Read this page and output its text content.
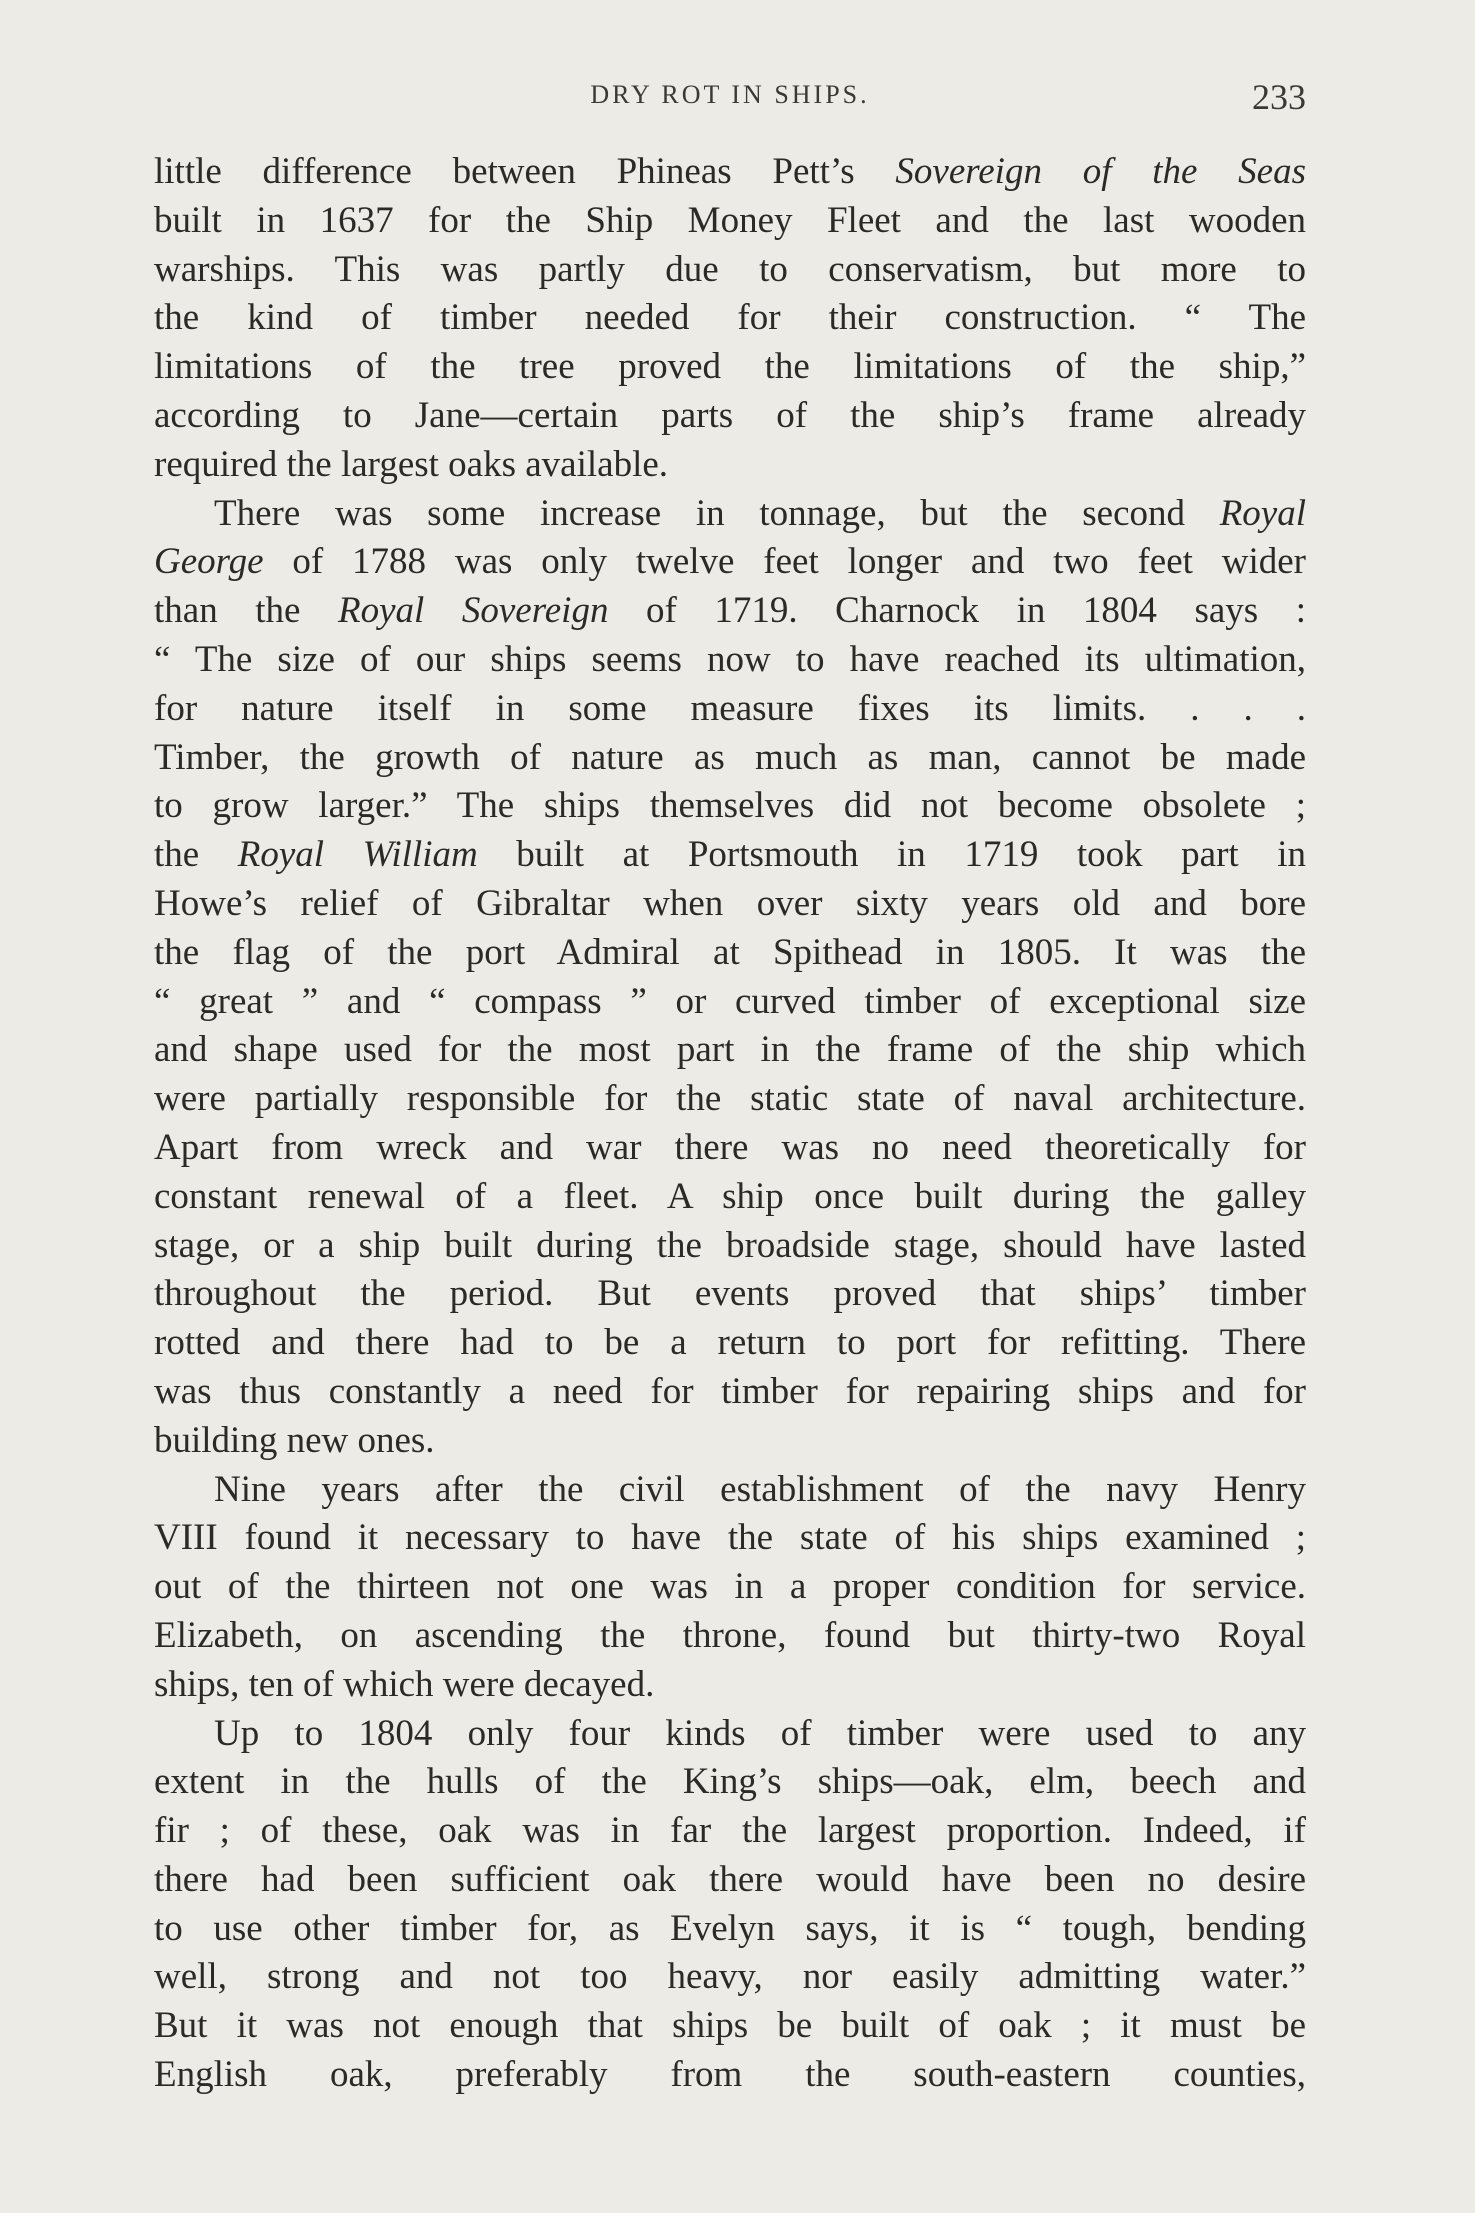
DRY ROT IN SHIPS.	233
little difference between Phineas Pett’s Sovereign of the Seas
built in 1637 for the Ship Money Fleet and the last wooden
warships. This was partly due to conservatism, but more to
the kind of timber needed for their construction. “ The
limitations of the tree proved the limitations of the ship,”
according to Jane—certain parts of the ship’s frame already
required the largest oaks available.
There was some increase in tonnage, but the second Royal
George of 1788 was only twelve feet longer and two feet wider
than the Royal Sovereign of 1719. Charnock in 1804 says :
“ The size of our ships seems now to have reached its ultimation,
for nature itself in some measure fixes its limits. . . .
Timber, the growth of nature as much as man, cannot be made
to grow larger.” The ships themselves did not become obsolete ;
the Royal William built at Portsmouth in 1719 took part in
Howe’s relief of Gibraltar when over sixty years old and bore
the flag of the port Admiral at Spithead in 1805. It was the
“ great ” and “ compass ” or curved timber of exceptional size
and shape used for the most part in the frame of the ship which
were partially responsible for the static state of naval architecture.
Apart from wreck and war there was no need theoretically for
constant renewal of a fleet. A ship once built during the galley
stage, or a ship built during the broadside stage, should have lasted
throughout the period. But events proved that ships’ timber
rotted and there had to be a return to port for refitting. There
was thus constantly a need for timber for repairing ships and for
building new ones.
Nine years after the civil establishment of the navy Henry
VIII found it necessary to have the state of his ships examined ;
out of the thirteen not one was in a proper condition for service.
Elizabeth, on ascending the throne, found but thirty-two Royal
ships, ten of which were decayed.
Up to 1804 only four kinds of timber were used to any
extent in the hulls of the King’s ships—oak, elm, beech and
fir ; of these, oak was in far the largest proportion. Indeed, if
there had been sufficient oak there would have been no desire
to use other timber for, as Evelyn says, it is “ tough, bending
well, strong and not too heavy, nor easily admitting water.”
But it was not enough that ships be built of oak ; it must be
English oak, preferably from the south-eastern counties,
